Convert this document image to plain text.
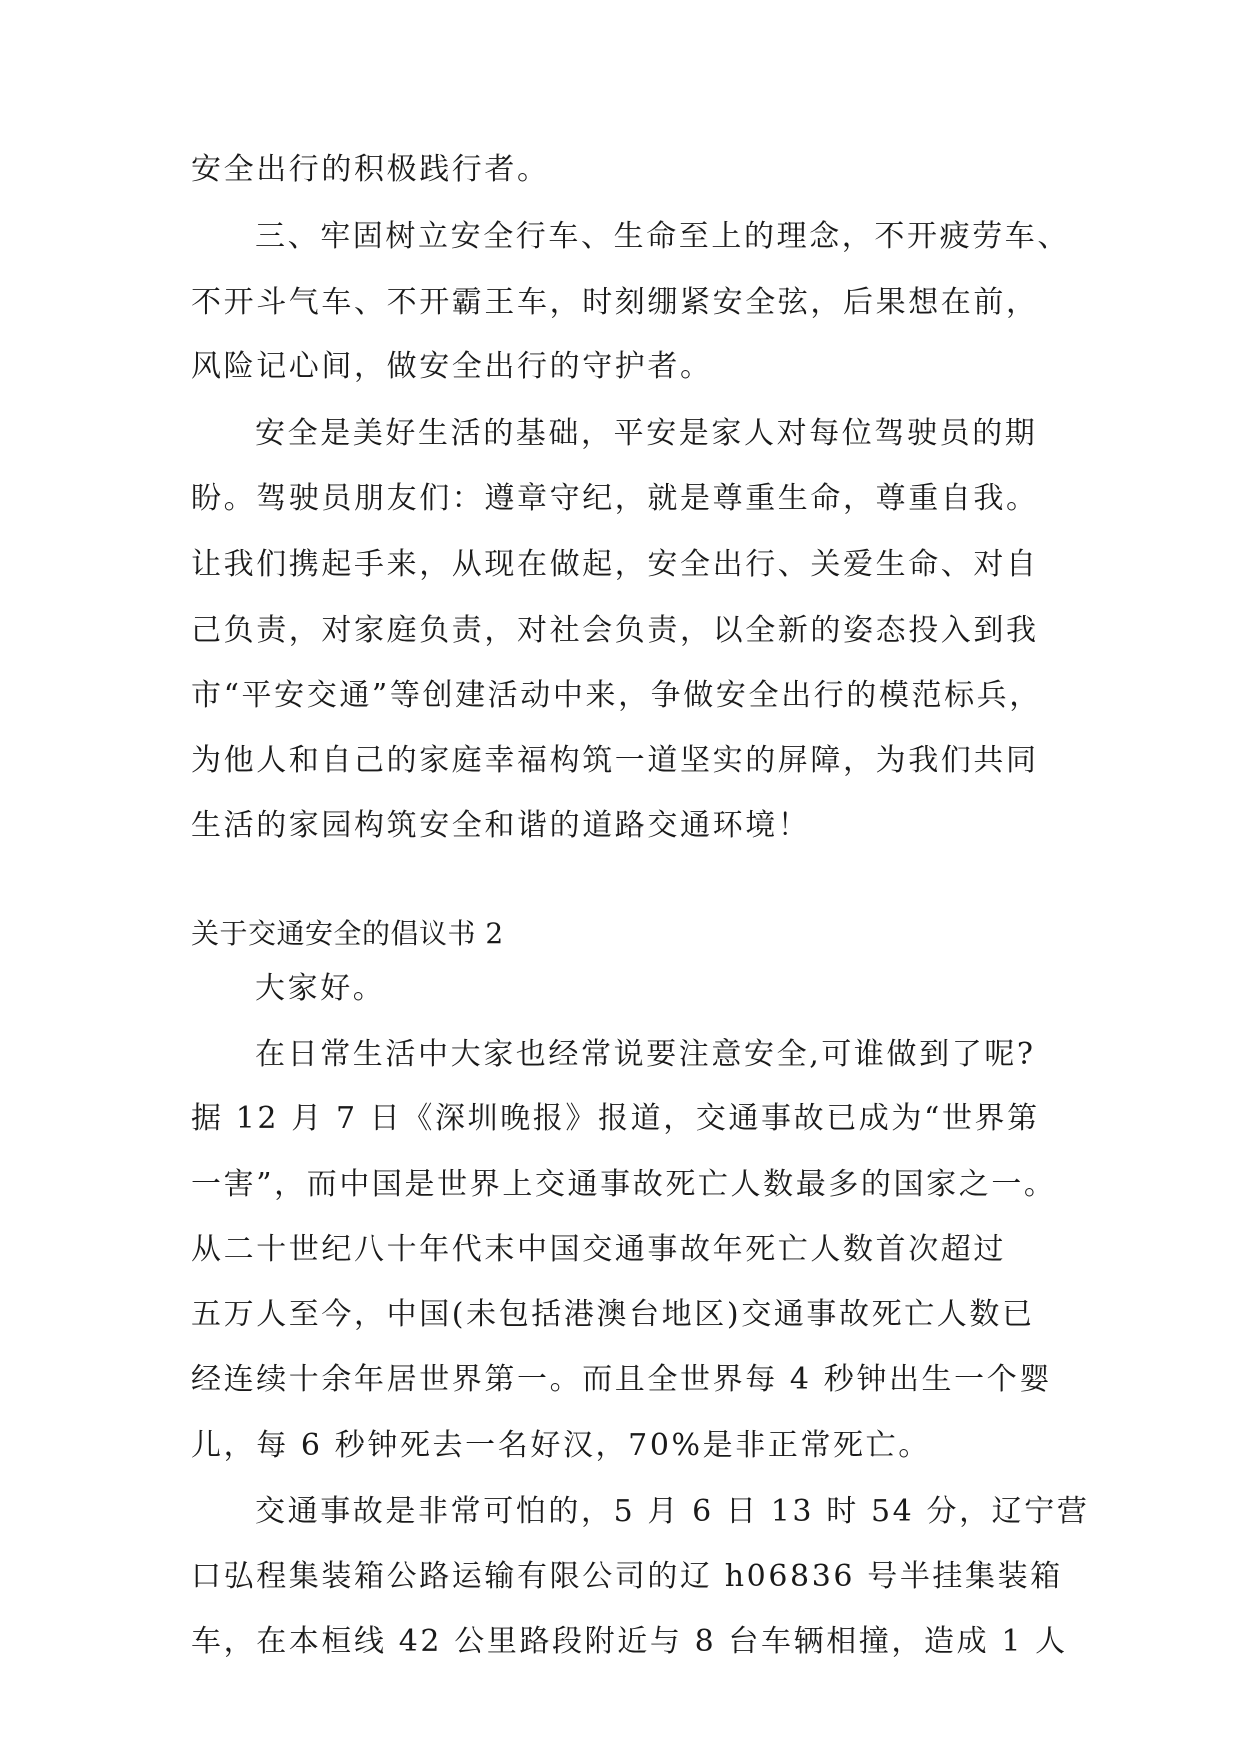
安全出行的积极践行者。
三、牢固树立安全行车、生命至上的理念，不开疲劳车、
不开斗气车、不开霸王车，时刻绷紧安全弦，后果想在前，
风险记心间，做安全出行的守护者。
安全是美好生活的基础，平安是家人对每位驾驶员的期
盼。驾驶员朋友们：遵章守纪，就是尊重生命，尊重自我。
让我们携起手来，从现在做起，安全出行、关爱生命、对自
己负责，对家庭负责，对社会负责，以全新的姿态投入到我
市“平安交通”等创建活动中来，争做安全出行的模范标兵，
为他人和自己的家庭幸福构筑一道坚实的屏障，为我们共同
生活的家园构筑安全和谐的道路交通环境！
关于交通安全的倡议书 2
大家好。
在日常生活中大家也经常说要注意安全,可谁做到了呢?
据 12 月 7 日《深圳晚报》报道，交通事故已成为“世界第
一害”，而中国是世界上交通事故死亡人数最多的国家之一。
从二十世纪八十年代末中国交通事故年死亡人数首次超过
五万人至今，中国(未包括港澳台地区)交通事故死亡人数已
经连续十余年居世界第一。而且全世界每 4 秒钟出生一个婴
儿，每 6 秒钟死去一名好汉，70%是非正常死亡。
交通事故是非常可怕的，5 月 6 日 13 时 54 分，辽宁营
口弘程集装箱公路运输有限公司的辽 h06836 号半挂集装箱
车，在本桓线 42 公里路段附近与 8 台车辆相撞，造成 1 人
